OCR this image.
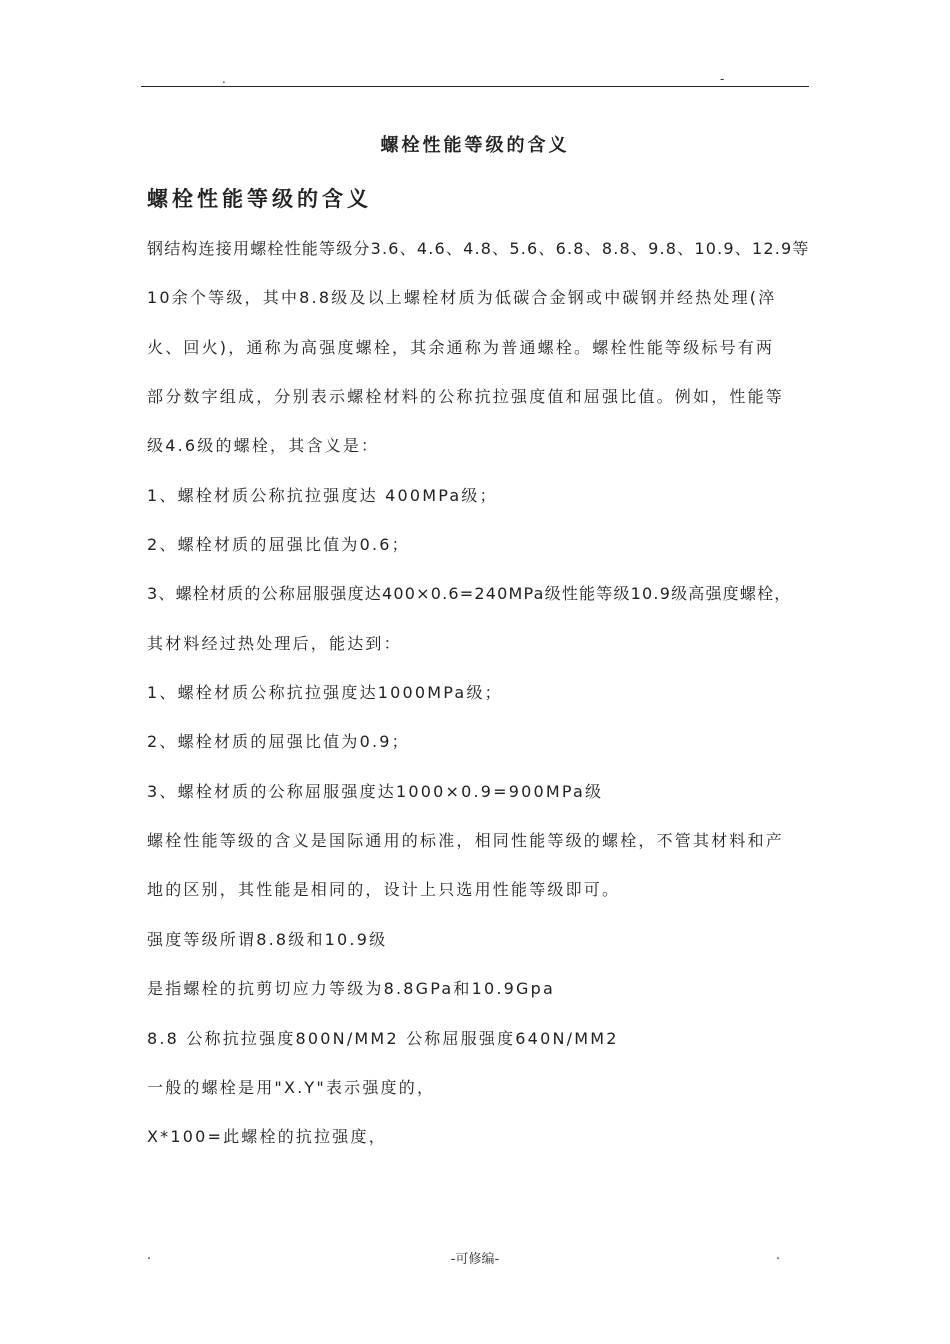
.	-
螺栓性能等级的含义
螺栓性能等级的含义
钢结构连接用螺栓性能等级分3.6、4.6、4.8、5.6、6.8、8.8、9.8、10.9、12.9等
10余个等级，其中8.8级及以上螺栓材质为低碳合金钢或中碳钢并经热处理(淬
火、回火)，通称为高强度螺栓，其余通称为普通螺栓。螺栓性能等级标号有两
部分数字组成，分别表示螺栓材料的公称抗拉强度值和屈强比值。例如，性能等
级4.6级的螺栓，其含义是：
1、螺栓材质公称抗拉强度达 400MPa级；
2、螺栓材质的屈强比值为0.6；
3、螺栓材质的公称屈服强度达400×0.6=240MPa级性能等级10.9级高强度螺栓，
其材料经过热处理后，能达到：
1、螺栓材质公称抗拉强度达1000MPa级；
2、螺栓材质的屈强比值为0.9；
3、螺栓材质的公称屈服强度达1000×0.9=900MPa级
螺栓性能等级的含义是国际通用的标准，相同性能等级的螺栓，不管其材料和产
地的区别，其性能是相同的，设计上只选用性能等级即可。
强度等级所谓8.8级和10.9级
是指螺栓的抗剪切应力等级为8.8GPa和10.9Gpa
8.8 公称抗拉强度800N/MM2 公称屈服强度640N/MM2
一般的螺栓是用"X.Y"表示强度的，
X*100=此螺栓的抗拉强度，
.	-可修编-	.
